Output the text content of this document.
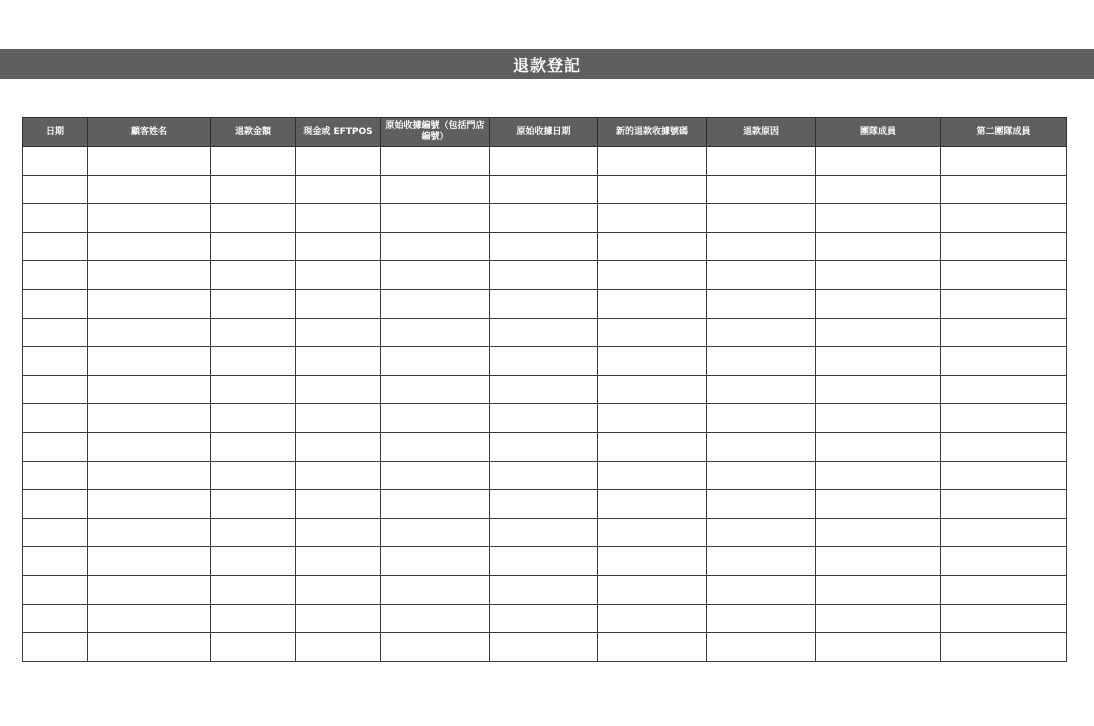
退款登記
日期	顧客姓名	退款金額	現金或 EFTPOS	原始收據編號（包括門店編號）	原始收據日期	新的退款收據號碼	退款原因	團隊成員	第二團隊成員
